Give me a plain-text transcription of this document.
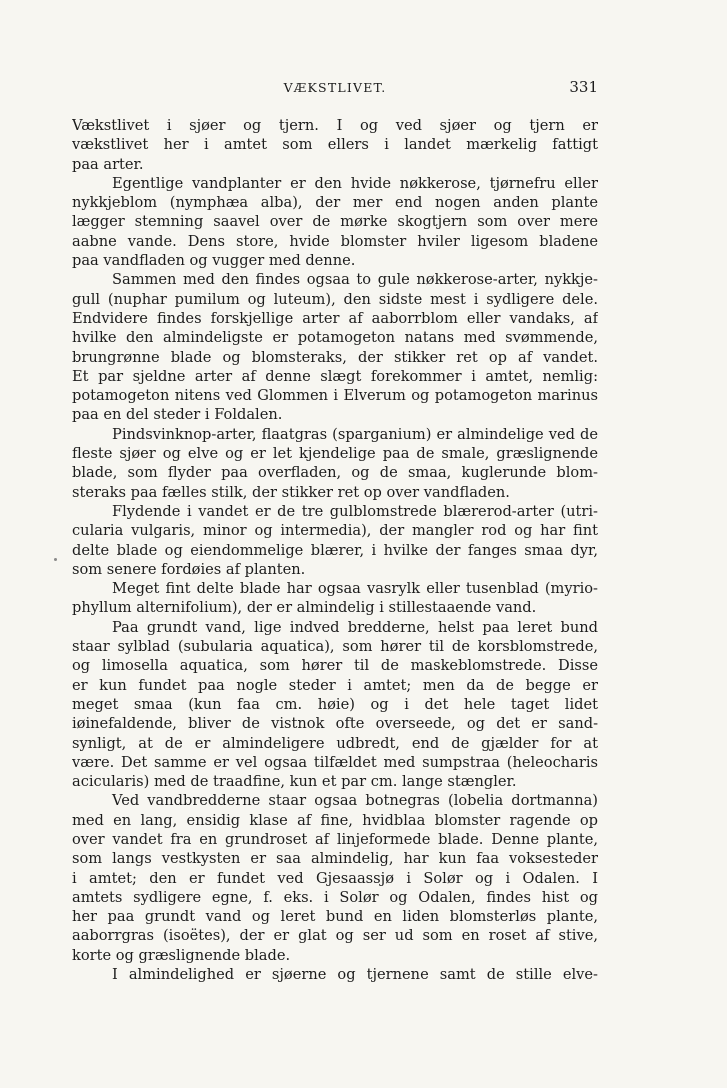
VÆKSTLIVET.	331
Vækstlivet i sjøer og tjern. I og ved sjøer og tjern er
vækstlivet her i amtet som ellers i landet mærkelig fattigt
paa arter.
Egentlige vandplanter er den hvide nøkkerose, tjørnefru eller
nykkjeblom (nymphæa alba), der mer end nogen anden plante
lægger stemning saavel over de mørke skogtjern som over mere
aabne vande. Dens store, hvide blomster hviler ligesom bladene
paa vandfladen og vugger med denne.
Sammen med den findes ogsaa to gule nøkkerose-arter, nykkje-
gull (nuphar pumilum og luteum), den sidste mest i sydligere dele.
Endvidere findes forskjellige arter af aaborrblom eller vandaks, af
hvilke den almindeligste er potamogeton natans med svømmende,
brungrønne blade og blomsteraks, der stikker ret op af vandet.
Et par sjeldne arter af denne slægt forekommer i amtet, nemlig:
potamogeton nitens ved Glommen i Elverum og potamogeton marinus
paa en del steder i Foldalen.
Pindsvinknop-arter, flaatgras (sparganium) er almindelige ved de
fleste sjøer og elve og er let kjendelige paa de smale, græslignende
blade, som flyder paa overfladen, og de smaa, kuglerunde blom-
steraks paa fælles stilk, der stikker ret op over vandfladen.
Flydende i vandet er de tre gulblomstrede blærerod-arter (utri-
cularia vulgaris, minor og intermedia), der mangler rod og har fint
delte blade og eiendommelige blærer, i hvilke der fanges smaa dyr,
som senere fordøies af planten.
Meget fint delte blade har ogsaa vasrylk eller tusenblad (myrio-
phyllum alternifolium), der er almindelig i stillestaaende vand.
Paa grundt vand, lige indved bredderne, helst paa leret bund
staar sylblad (subularia aquatica), som hører til de korsblomstrede,
og limosella aquatica, som hører til de maskeblomstrede. Disse
er kun fundet paa nogle steder i amtet; men da de begge er
meget smaa (kun faa cm. høie) og i det hele taget lidet
iøinefaldende, bliver de vistnok ofte overseede, og det er sand-
synligt, at de er almindeligere udbredt, end de gjælder for at
være. Det samme er vel ogsaa tilfældet med sumpstraa (heleocharis
acicularis) med de traadfine, kun et par cm. lange stængler.
Ved vandbredderne staar ogsaa botnegras (lobelia dortmanna)
med en lang, ensidig klase af fine, hvidblaa blomster ragende op
over vandet fra en grundroset af linjeformede blade. Denne plante,
som langs vestkysten er saa almindelig, har kun faa voksesteder
i amtet; den er fundet ved Gjesaassjø i Solør og i Odalen. I
amtets sydligere egne, f. eks. i Solør og Odalen, findes hist og
her paa grundt vand og leret bund en liden blomsterløs plante,
aaborrgras (isoëtes), der er glat og ser ud som en roset af stive,
korte og græslignende blade.
I almindelighed er sjøerne og tjernene samt de stille elve-
